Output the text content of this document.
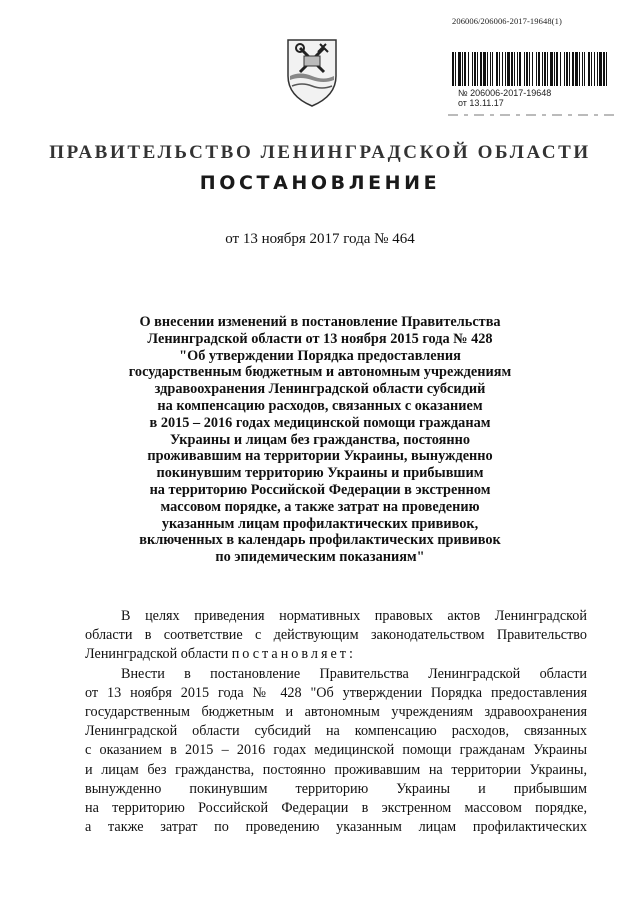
206006/206006-2017-19648(1)
№ 206006-2017-19648
от 13.11.17
ПРАВИТЕЛЬСТВО ЛЕНИНГРАДСКОЙ ОБЛАСТИ
ПОСТАНОВЛЕНИЕ
от 13 ноября 2017 года № 464
О внесении изменений в постановление Правительства
Ленинградской области от 13 ноября 2015 года № 428
"Об утверждении Порядка предоставления
государственным бюджетным и автономным учреждениям
здравоохранения Ленинградской области субсидий
на компенсацию расходов, связанных с оказанием
в 2015 – 2016 годах медицинской помощи гражданам
Украины и лицам без гражданства, постоянно
проживавшим на территории Украины, вынужденно
покинувшим территорию Украины и прибывшим
на территорию Российской Федерации в экстренном
массовом порядке, а также затрат на проведению
указанным лицам профилактических прививок,
включенных в календарь профилактических прививок
по эпидемическим показаниям"
В целях приведения нормативных правовых актов Ленинградской
области в соответствие с действующим законодательством Правительство
Ленинградской области постановляет:
Внести в постановление Правительства Ленинградской области
от 13 ноября 2015 года № 428 "Об утверждении Порядка предоставления
государственным бюджетным и автономным учреждениям здравоохранения
Ленинградской области субсидий на компенсацию расходов, связанных
с оказанием в 2015 – 2016 годах медицинской помощи гражданам Украины
и лицам без гражданства, постоянно проживавшим на территории Украины,
вынужденно покинувшим территорию Украины и прибывшим
на территорию Российской Федерации в экстренном массовом порядке,
а также затрат по проведению указанным лицам профилактических
